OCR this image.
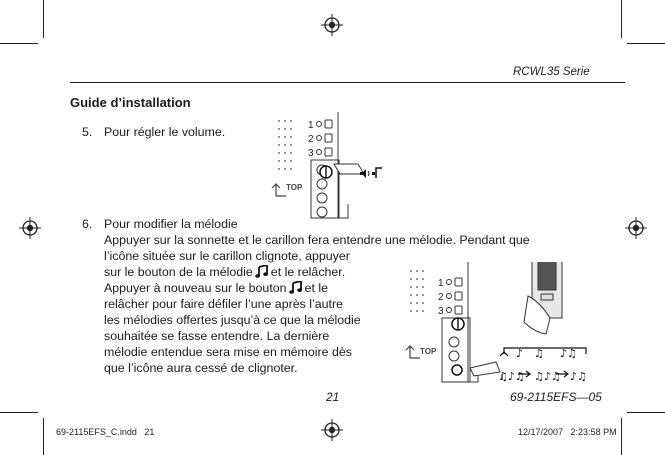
RCWL35 Serie
Guide d’installation
5. Pour régler le volume.
6. Pour modifier la mélodie
Appuyer sur la sonnette et le carillon fera entendre une mélodie. Pendant que
l’icône située sur le carillon clignote, appuyer
sur le bouton de la mélodie et le relâcher.
Appuyer à nouveau sur le bouton et le
relâcher pour faire défiler l’une après l’autre
les mélodies offertes jusqu’à ce que la mélodie
souhaitée se fasse entendre. La dernière
mélodie entendue sera mise en mémoire dès
que l’icône aura cessé de clignoter.
1
2
3
TOP
1
2
3
TOP	♪ ♫ ♪♫
♫♪♫ ♫♪♫ ♪♫
21	69-2115EFS—05
69-2115EFS_C.indd   21	12/17/2007   2:23:58 PM
